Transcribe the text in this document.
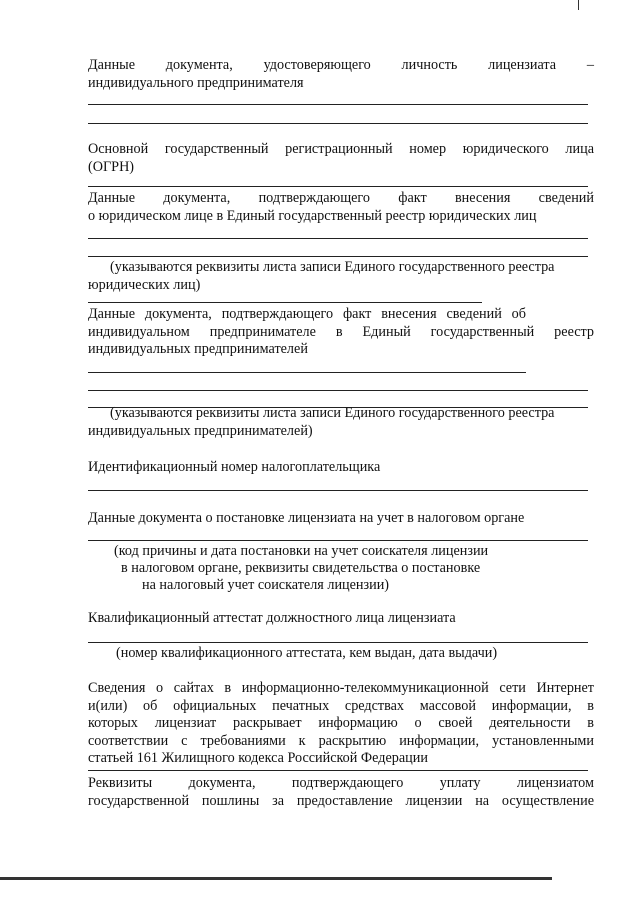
Данные документа, удостоверяющего личность лицензиата –
индивидуального предпринимателя
Основной государственный регистрационный номер юридического лица
(ОГРН)
Данные документа, подтверждающего факт внесения сведений
о юридическом лице в Единый государственный реестр юридических лиц
(указываются реквизиты листа записи Единого государственного реестра
юридических лиц)
Данные документа, подтверждающего факт внесения сведений об
индивидуальном предпринимателе в Единый государственный реестр
индивидуальных предпринимателей
(указываются реквизиты листа записи Единого государственного реестра
индивидуальных предпринимателей)
Идентификационный номер налогоплательщика
Данные документа о постановке лицензиата на учет в налоговом органе
(код причины и дата постановки на учет соискателя лицензии
в налоговом органе, реквизиты свидетельства о постановке
на налоговый учет соискателя лицензии)
Квалификационный аттестат должностного лица лицензиата
(номер квалификационного аттестата, кем выдан, дата выдачи)
Сведения о сайтах в информационно-телекоммуникационной сети Интернет
и(или) об официальных печатных средствах массовой информации, в
которых лицензиат раскрывает информацию о своей деятельности в
соответствии с требованиями к раскрытию информации, установленными
статьей 161 Жилищного кодекса Российской Федерации
Реквизиты документа, подтверждающего уплату лицензиатом
государственной пошлины за предоставление лицензии на осуществление
